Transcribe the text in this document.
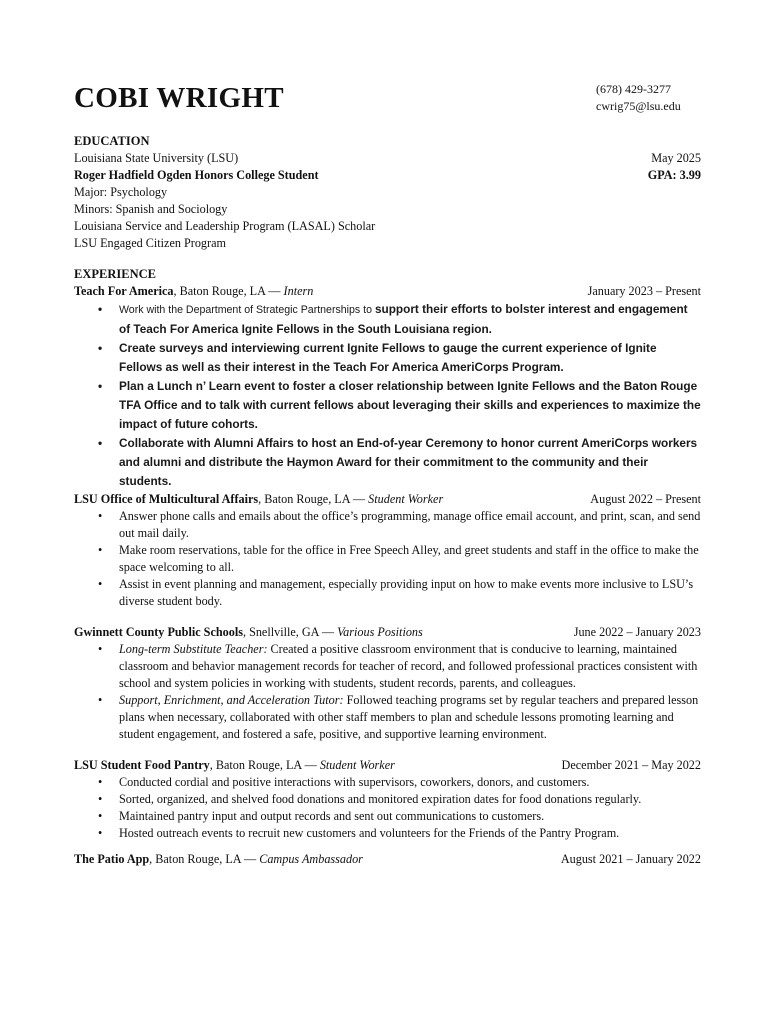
COBI WRIGHT	(678) 429-3277
cwrig75@lsu.edu
EDUCATION
Louisiana State University (LSU)	May 2025
Roger Hadfield Ogden Honors College Student	GPA: 3.99
Major: Psychology
Minors: Spanish and Sociology
Louisiana Service and Leadership Program (LASAL) Scholar
LSU Engaged Citizen Program
EXPERIENCE
Teach For America, Baton Rouge, LA — Intern	January 2023 – Present
• Work with the Department of Strategic Partnerships to support their efforts to bolster interest and engagement of Teach For America Ignite Fellows in the South Louisiana region.
• Create surveys and interviewing current Ignite Fellows to gauge the current experience of Ignite Fellows as well as their interest in the Teach For America AmeriCorps Program.
• Plan a Lunch n’ Learn event to foster a closer relationship between Ignite Fellows and the Baton Rouge TFA Office and to talk with current fellows about leveraging their skills and experiences to maximize the impact of future cohorts.
• Collaborate with Alumni Affairs to host an End-of-year Ceremony to honor current AmeriCorps workers and alumni and distribute the Haymon Award for their commitment to the community and their students.
LSU Office of Multicultural Affairs, Baton Rouge, LA — Student Worker	August 2022 – Present
• Answer phone calls and emails about the office’s programming, manage office email account, and print, scan, and send out mail daily.
• Make room reservations, table for the office in Free Speech Alley, and greet students and staff in the office to make the space welcoming to all.
• Assist in event planning and management, especially providing input on how to make events more inclusive to LSU’s diverse student body.
Gwinnett County Public Schools, Snellville, GA — Various Positions	June 2022 – January 2023
• Long-term Substitute Teacher: Created a positive classroom environment that is conducive to learning, maintained classroom and behavior management records for teacher of record, and followed professional practices consistent with school and system policies in working with students, student records, parents, and colleagues.
• Support, Enrichment, and Acceleration Tutor: Followed teaching programs set by regular teachers and prepared lesson plans when necessary, collaborated with other staff members to plan and schedule lessons promoting learning and student engagement, and fostered a safe, positive, and supportive learning environment.
LSU Student Food Pantry, Baton Rouge, LA — Student Worker	December 2021 – May 2022
• Conducted cordial and positive interactions with supervisors, coworkers, donors, and customers.
• Sorted, organized, and shelved food donations and monitored expiration dates for food donations regularly.
• Maintained pantry input and output records and sent out communications to customers.
• Hosted outreach events to recruit new customers and volunteers for the Friends of the Pantry Program.
The Patio App, Baton Rouge, LA — Campus Ambassador	August 2021 – January 2022
